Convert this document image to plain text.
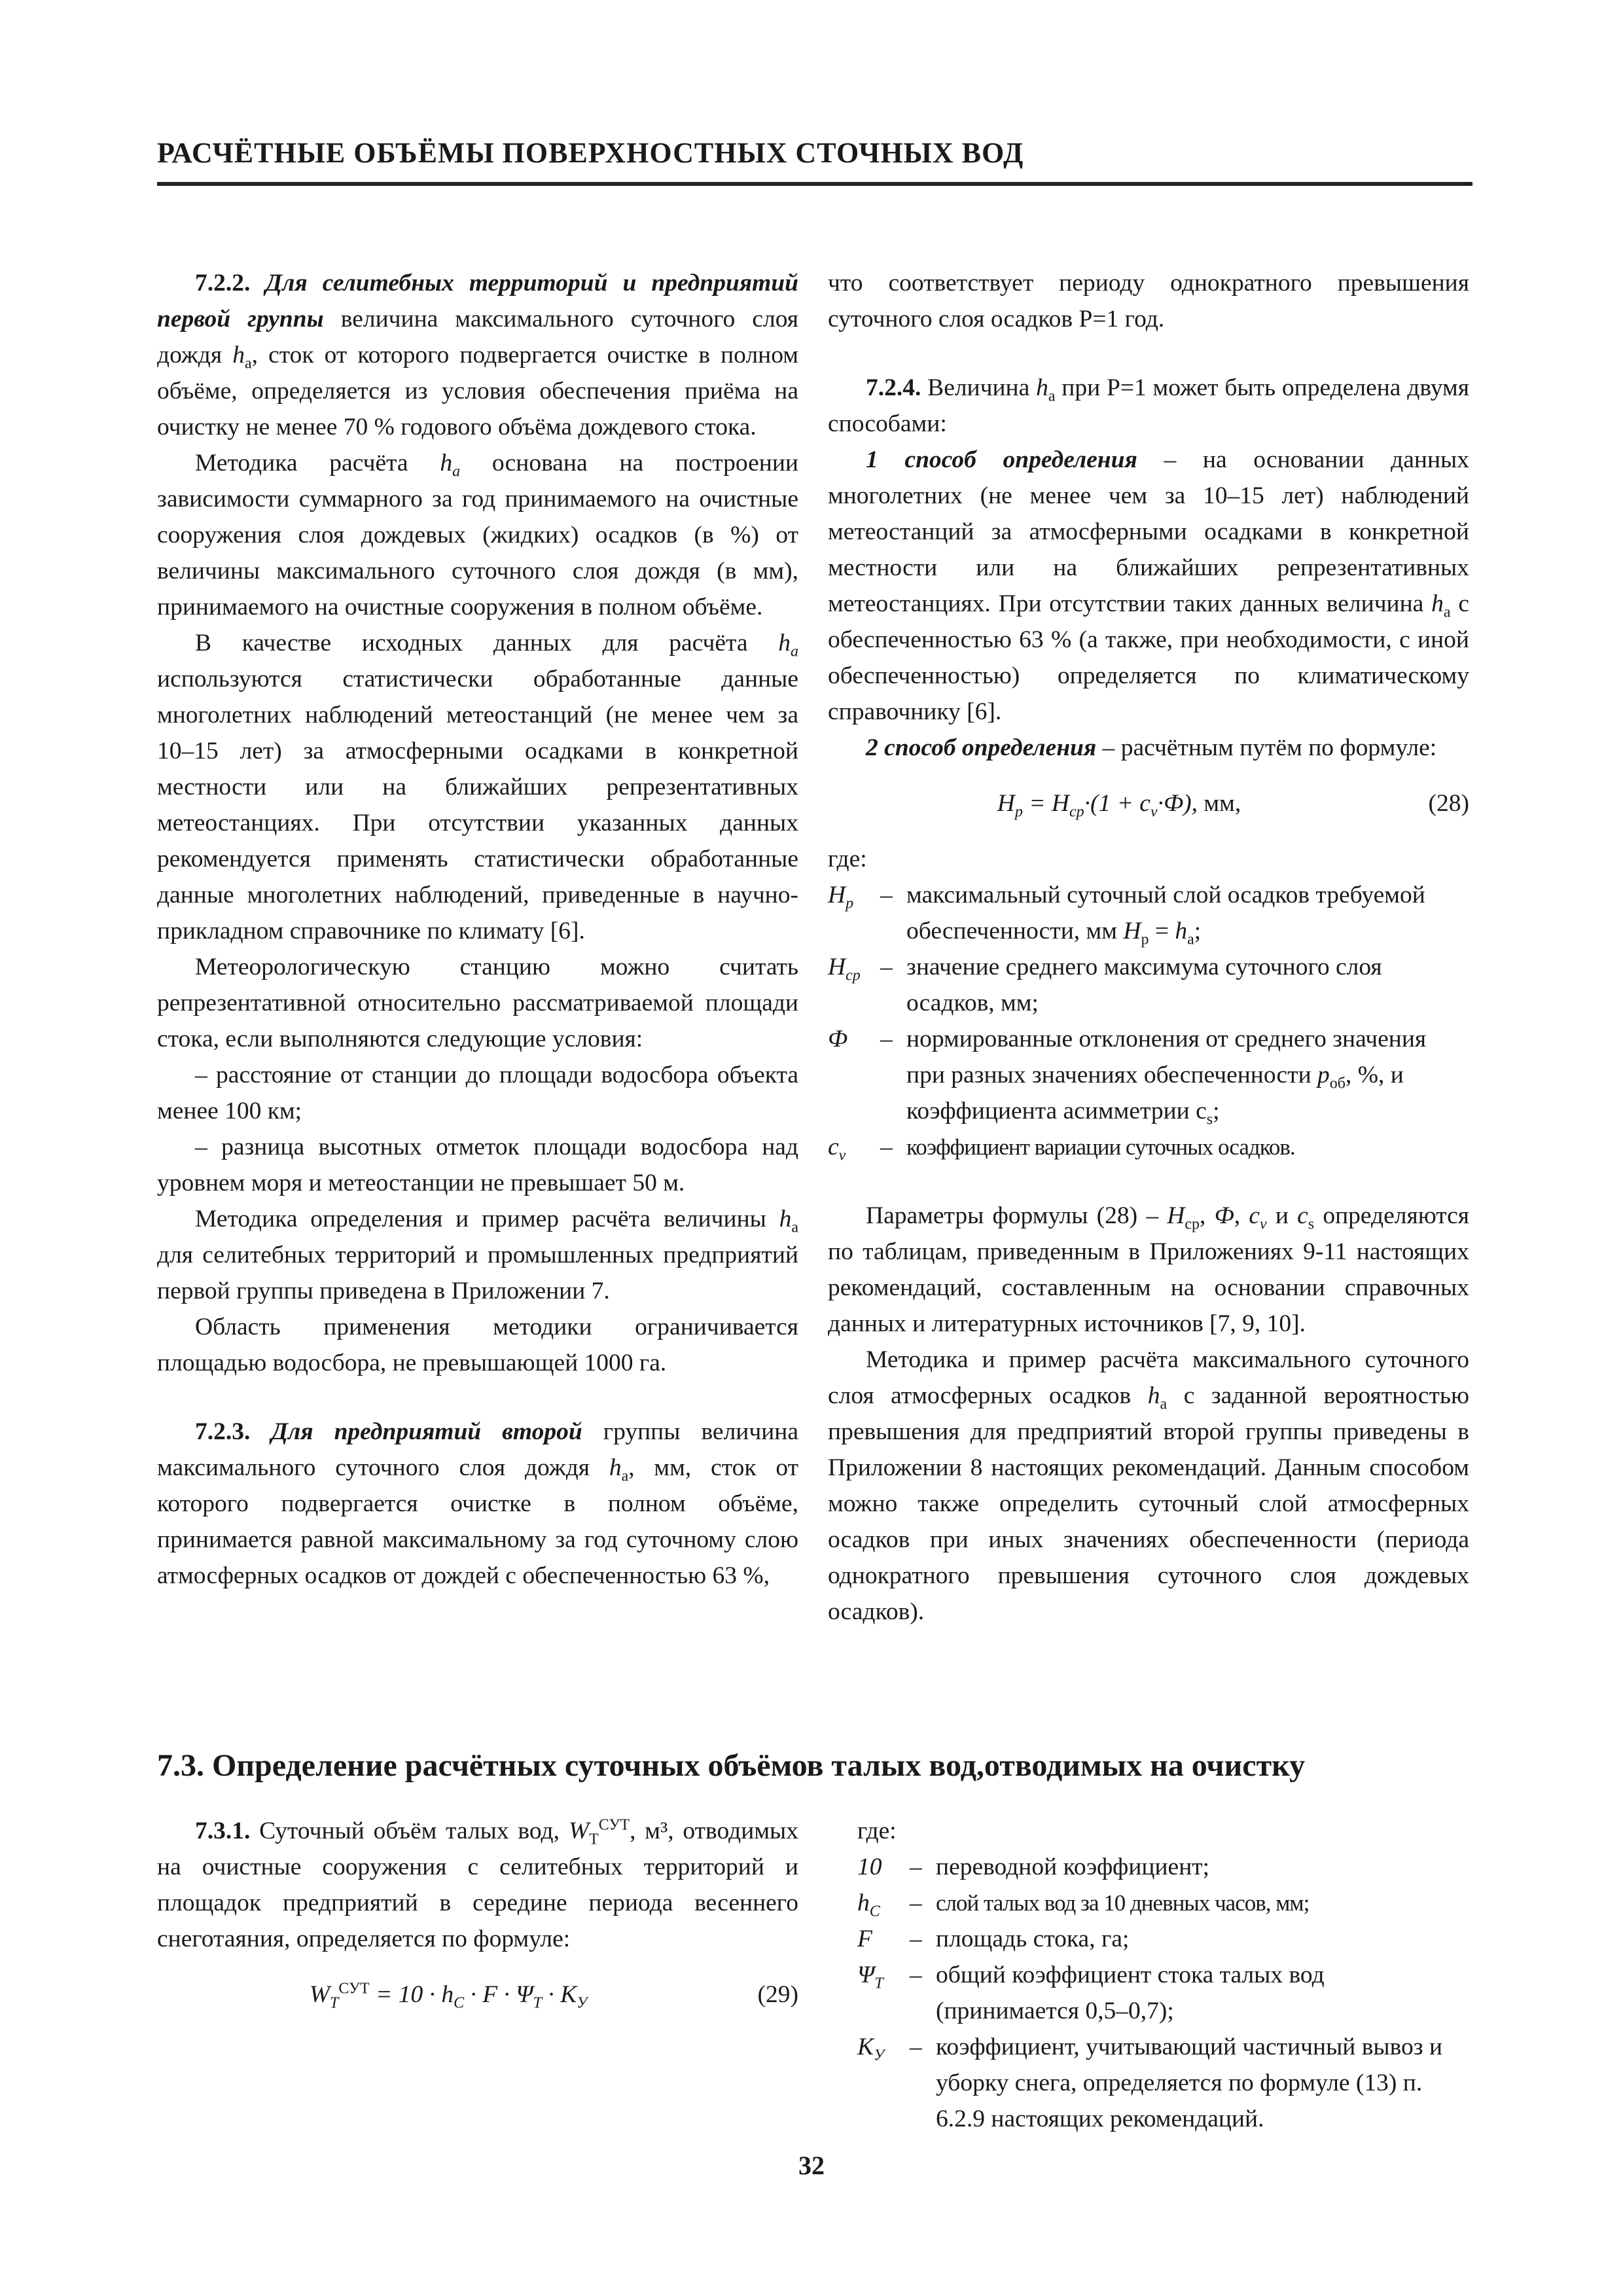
РАСЧЁТНЫЕ ОБЪЁМЫ ПОВЕРХНОСТНЫХ СТОЧНЫХ ВОД

7.2.2. Для селитебных территорий и предприятий первой группы величина максимального суточного слоя дождя $h_а$, сток от которого подвергается очистке в полном объёме, определяется из условия обеспечения приёма на очистку не менее 70 % годового объёма дождевого стока.

Методика расчёта $h_a$ основана на построении зависимости суммарного за год принимаемого на очистные сооружения слоя дождевых (жидких) осадков (в %) от величины максимального суточного слоя дождя (в мм), принимаемого на очистные сооружения в полном объёме.

В качестве исходных данных для расчёта $h_a$ используются статистически обработанные данные многолетних наблюдений метеостанций (не менее чем за 10–15 лет) за атмосферными осадками в конкретной местности или на ближайших репрезентативных метеостанциях. При отсутствии указанных данных рекомендуется применять статистически обработанные данные многолетних наблюдений, приведенные в научно-прикладном справочнике по климату [6].

Метеорологическую станцию можно считать репрезентативной относительно рассматриваемой площади стока, если выполняются следующие условия:

– расстояние от станции до площади водосбора объекта менее 100 км;

– разница высотных отметок площади водосбора над уровнем моря и метеостанции не превышает 50 м.

Методика определения и пример расчёта величины $h_а$ для селитебных территорий и промышленных предприятий первой группы приведена в Приложении 7.

Область применения методики ограничивается площадью водосбора, не превышающей 1000 га.

7.2.3. Для предприятий второй группы величина максимального суточного слоя дождя $h_а$, мм, сток от которого подвергается очистке в полном объёме, принимается равной максимальному за год суточному слою атмосферных осадков от дождей с обеспеченностью 63 %,

что соответствует периоду однократного превышения суточного слоя осадков P=1 год.

7.2.4. Величина $h_a$ при P=1 может быть определена двумя способами:

1 способ определения – на основании данных многолетних (не менее чем за 10–15 лет) наблюдений метеостанций за атмосферными осадками в конкретной местности или на ближайших репрезентативных метеостанциях. При отсутствии таких данных величина $h_a$ с обеспеченностью 63 % (а также, при необходимости, с иной обеспеченностью) определяется по климатическому справочнику [6].

2 способ определения – расчётным путём по формуле:

$H_p = H_{ср}\cdot(1 + c_v\cdot Ф)$, мм,	(28)

где:

$H_p$	– максимальный суточный слой осадков требуемой обеспеченности, мм $H_р = h_а$;
$H_{ср}$ – значение среднего максимума суточного слоя осадков, мм;
Ф	– нормированные отклонения от среднего значения при разных значениях обеспеченности $p_{об}$, %, и коэффициента асимметрии $c_s$;
$c_v$	– коэффициент вариации суточных осадков.

Параметры формулы $(28) - H_{ср}$, Ф, $c_v$ и $c_s$ определяются по таблицам, приведенным в Приложениях 9-11 настоящих рекомендаций, составленным на основании справочных данных и литературных источников [7, 9, 10].

Методика и пример расчёта максимального суточного слоя атмосферных осадков $h_a$ с заданной вероятностью превышения для предприятий второй группы приведены в Приложении 8 настоящих рекомендаций. Данным способом можно также определить суточный слой атмосферных осадков при иных значениях обеспеченности (периода однократного превышения суточного слоя дождевых осадков).

7.3. Определение расчётных суточных объёмов талых вод,отводимых на очистку

7.3.1. Суточный объём талых вод, $W_Т^{СУТ}$, м³, отводимых на очистные сооружения с селитебных территорий и площадок предприятий в середине периода весеннего снеготаяния, определяется по формуле:

$W_Т^{СУТ} = 10 \cdot h_С \cdot F \cdot \Psi_Т \cdot K_У$	(29)

где:

10	– переводной коэффициент;
$h_С$	– слой талых вод за 10 дневных часов, мм;
F	– площадь стока, га;
$\Psi_Т$	– общий коэффициент стока талых вод (принимается 0,5–0,7);
$K_У$	– коэффициент, учитывающий частичный вывоз и уборку снега, определяется по формуле (13) п. 6.2.9 настоящих рекомендаций.
32
